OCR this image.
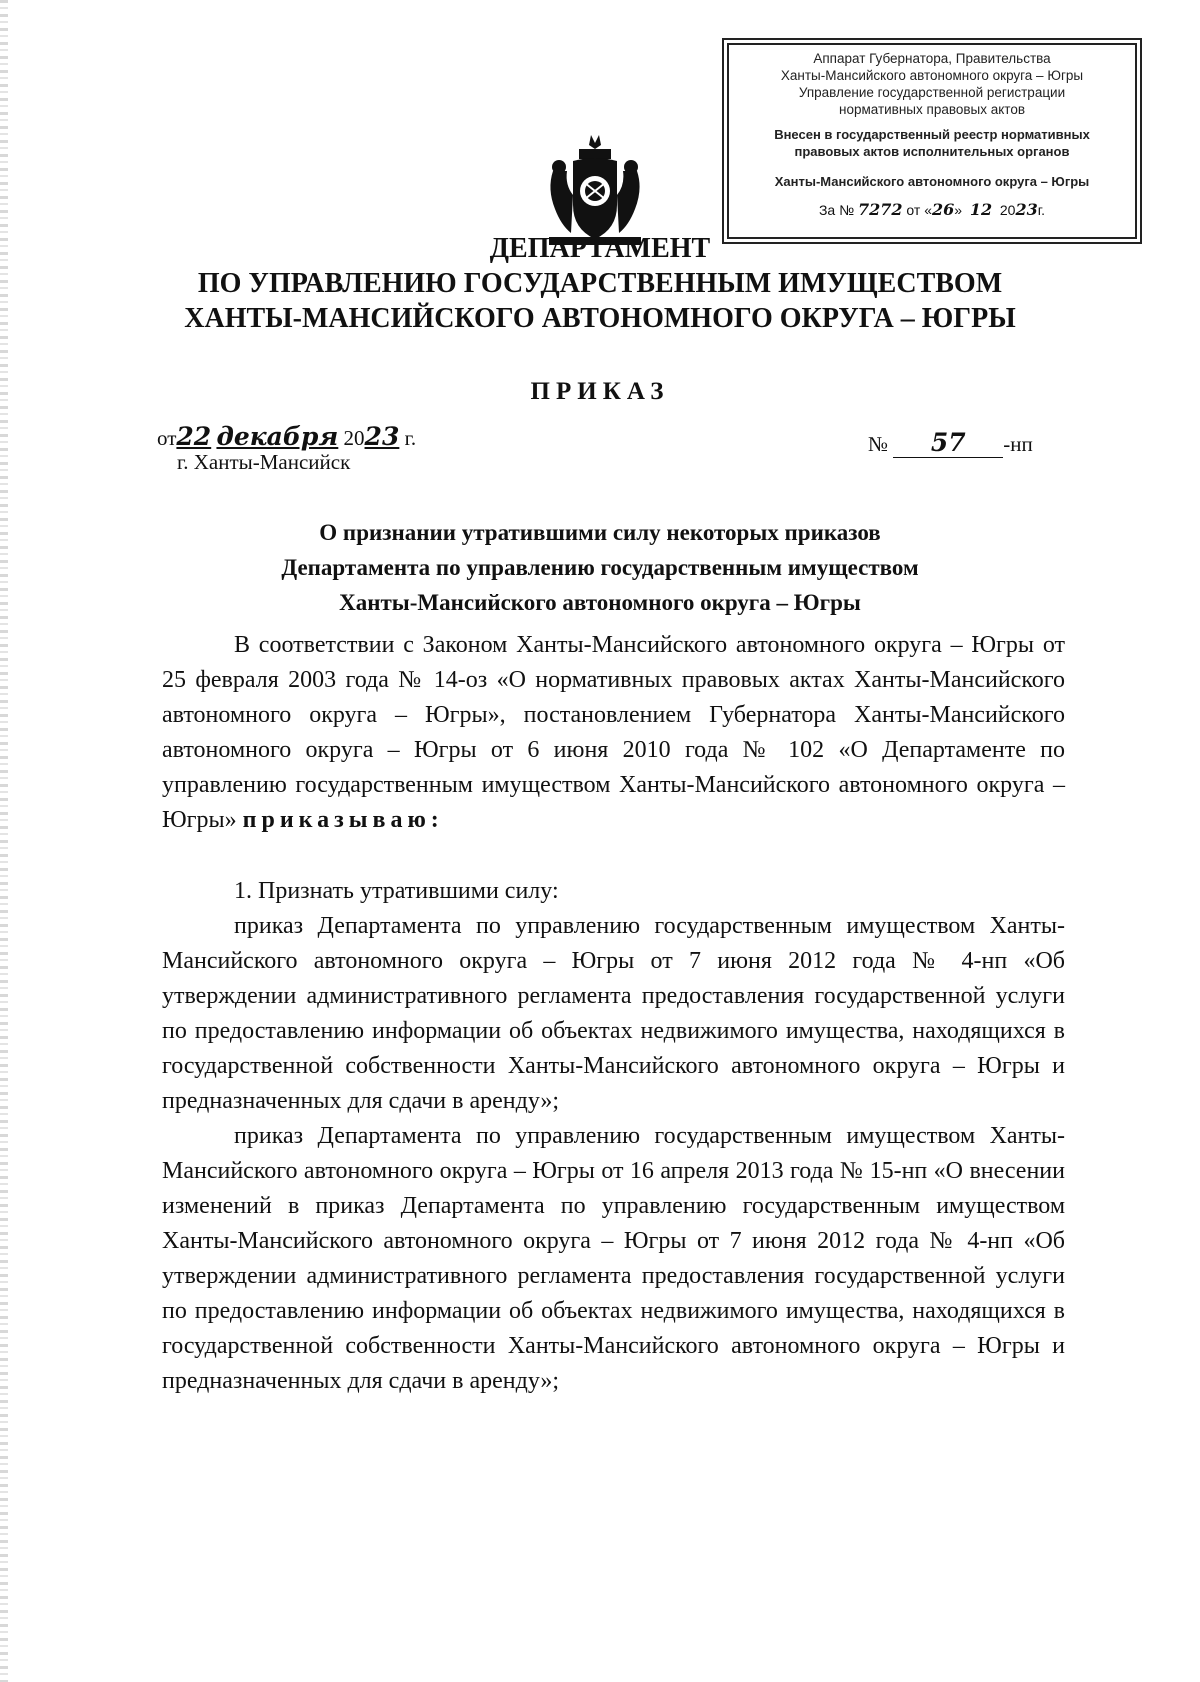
Аппарат Губернатора, Правительства
Ханты-Мансийского автономного округа – Югры
Управление государственной регистрации
нормативных правовых актов
Внесен в государственный реестр нормативных
правовых актов исполнительных органов
Ханты-Мансийского автономного округа – Югры
За № 7272 от «26» 12 2023г.
ДЕПАРТАМЕНТ
ПО УПРАВЛЕНИЮ ГОСУДАРСТВЕННЫМ ИМУЩЕСТВОМ
ХАНТЫ-МАНСИЙСКОГО АВТОНОМНОГО ОКРУГА – ЮГРЫ
ПРИКАЗ
от22 декабря 2023 г.
г. Ханты-Мансийск
№ 57 -нп
О признании утратившими силу некоторых приказов
Департамента по управлению государственным имуществом
Ханты-Мансийского автономного округа – Югры

В соответствии с Законом Ханты-Мансийского автономного округа – Югры от 25 февраля 2003 года № 14-оз «О нормативных правовых актах Ханты-Мансийского автономного округа – Югры», постановлением Губернатора Ханты-Мансийского автономного округа – Югры от 6 июня 2010 года № 102 «О Департаменте по управлению государственным имуществом Ханты-Мансийского автономного округа – Югры» приказываю:

1. Признать утратившими силу:

приказ Департамента по управлению государственным имуществом Ханты-Мансийского автономного округа – Югры от 7 июня 2012 года № 4-нп «Об утверждении административного регламента предоставления государственной услуги по предоставлению информации об объектах недвижимого имущества, находящихся в государственной собственности Ханты-Мансийского автономного округа – Югры и предназначенных для сдачи в аренду»;

приказ Департамента по управлению государственным имуществом Ханты-Мансийского автономного округа – Югры от 16 апреля 2013 года № 15-нп «О внесении изменений в приказ Департамента по управлению государственным имуществом Ханты-Мансийского автономного округа – Югры от 7 июня 2012 года № 4-нп «Об утверждении административного регламента предоставления государственной услуги по предоставлению информации об объектах недвижимого имущества, находящихся в государственной собственности Ханты-Мансийского автономного округа – Югры и предназначенных для сдачи в аренду»;
